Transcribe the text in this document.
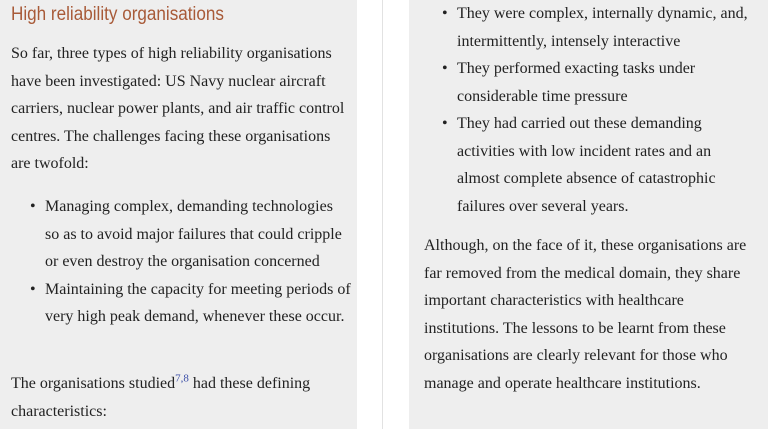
High reliability organisations

So far, three types of high reliability organisations have been investigated: US Navy nuclear aircraft carriers, nuclear power plants, and air traffic control centres. The challenges facing these organisations are twofold:

• Managing complex, demanding technologies so as to avoid major failures that could cripple or even destroy the organisation concerned
• Maintaining the capacity for meeting periods of very high peak demand, whenever these occur.

The organisations studied$^{7,8}$ had these defining characteristics:

• They were complex, internally dynamic, and, intermittently, intensely interactive
• They performed exacting tasks under considerable time pressure
• They had carried out these demanding activities with low incident rates and an almost complete absence of catastrophic failures over several years.

Although, on the face of it, these organisations are far removed from the medical domain, they share important characteristics with healthcare institutions. The lessons to be learnt from these organisations are clearly relevant for those who manage and operate healthcare institutions.
